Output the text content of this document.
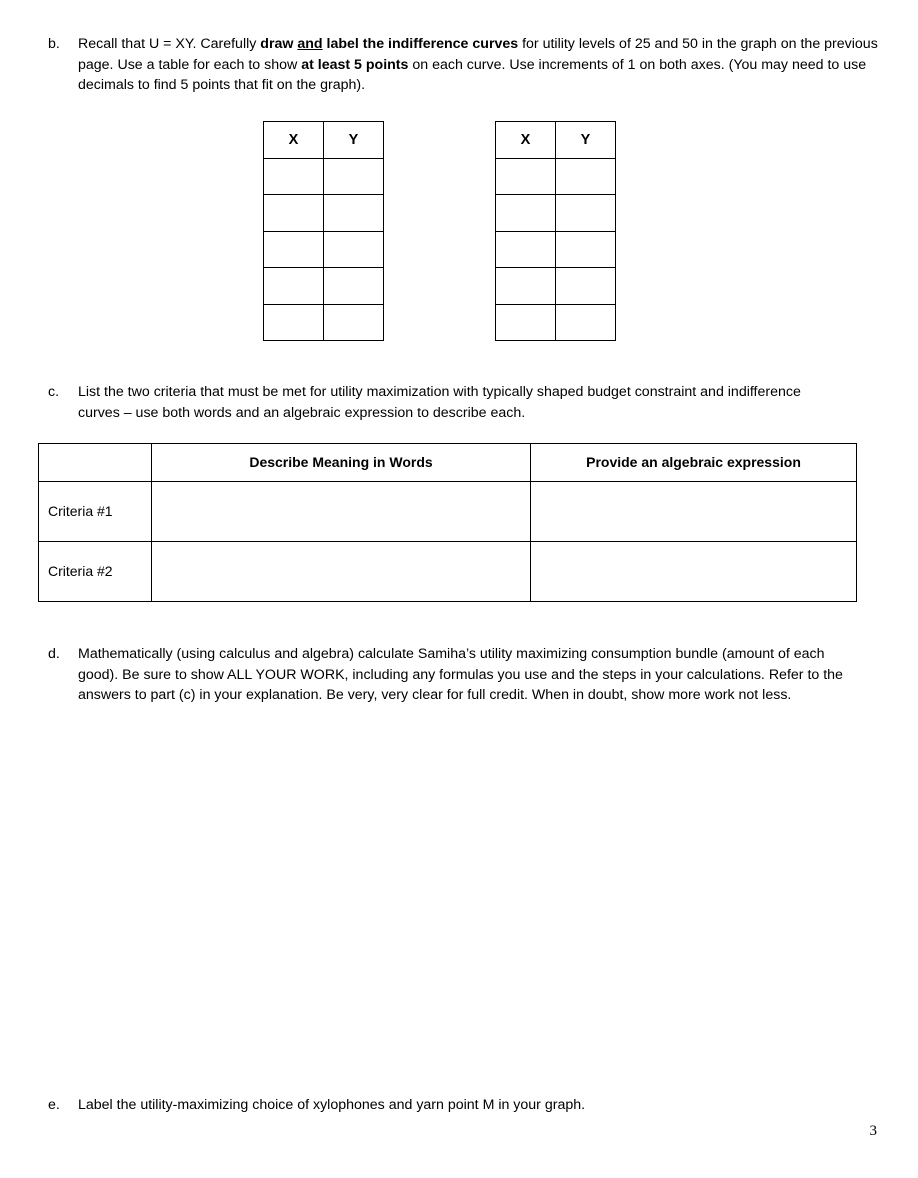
b. Recall that U = XY. Carefully draw and label the indifference curves for utility levels of 25 and 50 in the graph on the previous page. Use a table for each to show at least 5 points on each curve. Use increments of 1 on both axes. (You may need to use decimals to find 5 points that fit on the graph).
X	Y

		X	Y

c. List the two criteria that must be met for utility maximization with typically shaped budget constraint and indifference curves – use both words and an algebraic expression to describe each.
	Describe Meaning in Words	Provide an algebraic expression
Criteria #1		
Criteria #2		
d. Mathematically (using calculus and algebra) calculate Samiha’s utility maximizing consumption bundle (amount of each good). Be sure to show ALL YOUR WORK, including any formulas you use and the steps in your calculations. Refer to the answers to part (c) in your explanation. Be very, very clear for full credit. When in doubt, show more work not less.
e. Label the utility-maximizing choice of xylophones and yarn point M in your graph.
3
